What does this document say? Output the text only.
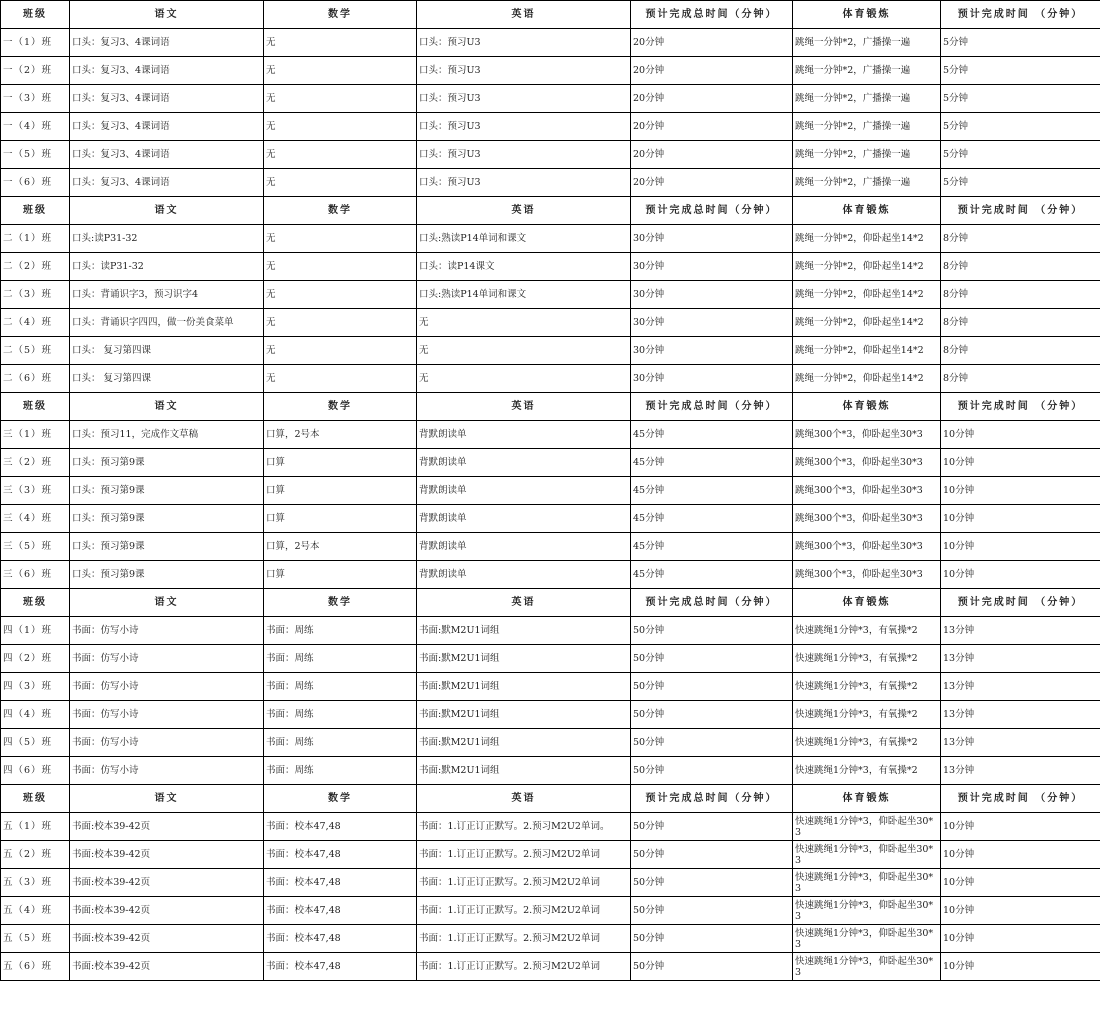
班级	语文	数学	英语	预计完成总时间（分钟）	体育锻炼	预计完成时间 （分钟）
一（1）班	口头：复习3、4课词语	无	口头：预习U3	20分钟	跳绳一分钟*2，广播操一遍	5分钟
一（2）班	口头：复习3、4课词语	无	口头：预习U3	20分钟	跳绳一分钟*2，广播操一遍	5分钟
一（3）班	口头：复习3、4课词语	无	口头：预习U3	20分钟	跳绳一分钟*2，广播操一遍	5分钟
一（4）班	口头：复习3、4课词语	无	口头：预习U3	20分钟	跳绳一分钟*2，广播操一遍	5分钟
一（5）班	口头：复习3、4课词语	无	口头：预习U3	20分钟	跳绳一分钟*2，广播操一遍	5分钟
一（6）班	口头：复习3、4课词语	无	口头：预习U3	20分钟	跳绳一分钟*2，广播操一遍	5分钟
班级	语文	数学	英语	预计完成总时间（分钟）	体育锻炼	预计完成时间 （分钟）
二（1）班	口头:读P31-32	无	口头:熟读P14单词和课文	30分钟	跳绳一分钟*2，仰卧起坐14*2	8分钟
二（2）班	口头：读P31-32	无	口头：读P14课文	30分钟	跳绳一分钟*2，仰卧起坐14*2	8分钟
二（3）班	口头：背诵识字3，预习识字4	无	口头:熟读P14单词和课文	30分钟	跳绳一分钟*2，仰卧起坐14*2	8分钟
二（4）班	口头：背诵识字四四，做一份美食菜单	无	无	30分钟	跳绳一分钟*2，仰卧起坐14*2	8分钟
二（5）班	口头： 复习第四课	无	无	30分钟	跳绳一分钟*2，仰卧起坐14*2	8分钟
二（6）班	口头： 复习第四课	无	无	30分钟	跳绳一分钟*2，仰卧起坐14*2	8分钟
班级	语文	数学	英语	预计完成总时间（分钟）	体育锻炼	预计完成时间 （分钟）
三（1）班	口头：预习11，完成作文草稿	口算，2号本	背默朗读单	45分钟	跳绳300个*3，仰卧起坐30*3	10分钟
三（2）班	口头：预习第9课	口算	背默朗读单	45分钟	跳绳300个*3，仰卧起坐30*3	10分钟
三（3）班	口头：预习第9课	口算	背默朗读单	45分钟	跳绳300个*3，仰卧起坐30*3	10分钟
三（4）班	口头：预习第9课	口算	背默朗读单	45分钟	跳绳300个*3，仰卧起坐30*3	10分钟
三（5）班	口头：预习第9课	口算，2号本	背默朗读单	45分钟	跳绳300个*3，仰卧起坐30*3	10分钟
三（6）班	口头：预习第9课	口算	背默朗读单	45分钟	跳绳300个*3，仰卧起坐30*3	10分钟
班级	语文	数学	英语	预计完成总时间（分钟）	体育锻炼	预计完成时间 （分钟）
四（1）班	书面：仿写小诗	书面：周练	书面:默M2U1词组	50分钟	快速跳绳1分钟*3，有氧操*2	13分钟
四（2）班	书面：仿写小诗	书面：周练	书面:默M2U1词组	50分钟	快速跳绳1分钟*3，有氧操*2	13分钟
四（3）班	书面：仿写小诗	书面：周练	书面:默M2U1词组	50分钟	快速跳绳1分钟*3，有氧操*2	13分钟
四（4）班	书面：仿写小诗	书面：周练	书面:默M2U1词组	50分钟	快速跳绳1分钟*3，有氧操*2	13分钟
四（5）班	书面：仿写小诗	书面：周练	书面:默M2U1词组	50分钟	快速跳绳1分钟*3，有氧操*2	13分钟
四（6）班	书面：仿写小诗	书面：周练	书面:默M2U1词组	50分钟	快速跳绳1分钟*3，有氧操*2	13分钟
班级	语文	数学	英语	预计完成总时间（分钟）	体育锻炼	预计完成时间 （分钟）
五（1）班	书面:校本39-42页	书面：校本47,48	书面：1.订正订正默写。2.预习M2U2单词。	50分钟	快速跳绳1分钟*3，仰卧起坐30*3	10分钟
五（2）班	书面:校本39-42页	书面：校本47,48	书面：1.订正订正默写。2.预习M2U2单词	50分钟	快速跳绳1分钟*3，仰卧起坐30*3	10分钟
五（3）班	书面:校本39-42页	书面：校本47,48	书面：1.订正订正默写。2.预习M2U2单词	50分钟	快速跳绳1分钟*3，仰卧起坐30*3	10分钟
五（4）班	书面:校本39-42页	书面：校本47,48	书面：1.订正订正默写。2.预习M2U2单词	50分钟	快速跳绳1分钟*3，仰卧起坐30*3	10分钟
五（5）班	书面:校本39-42页	书面：校本47,48	书面：1.订正订正默写。2.预习M2U2单词	50分钟	快速跳绳1分钟*3，仰卧起坐30*3	10分钟
五（6）班	书面:校本39-42页	书面：校本47,48	书面：1.订正订正默写。2.预习M2U2单词	50分钟	快速跳绳1分钟*3，仰卧起坐30*3	10分钟
